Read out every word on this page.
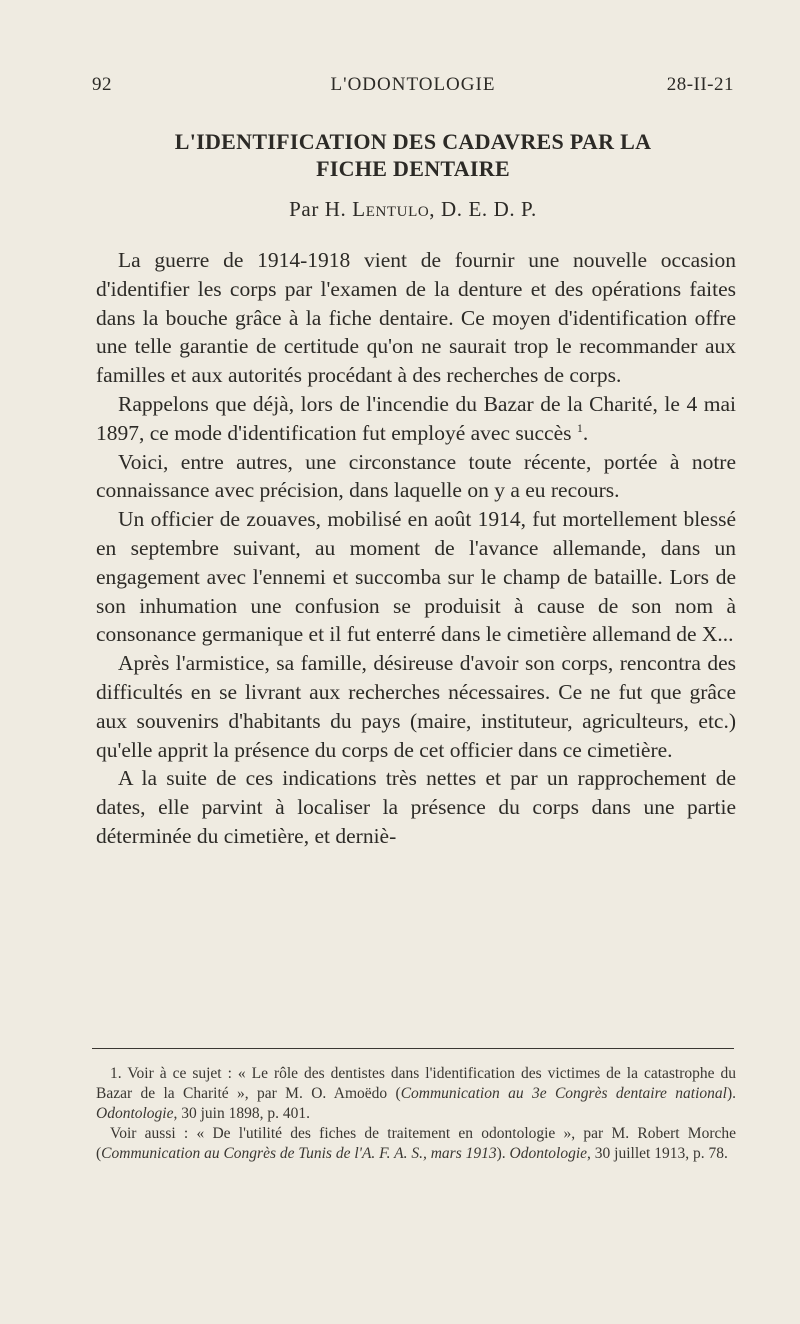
92	L'ODONTOLOGIE	28-II-21
L'IDENTIFICATION DES CADAVRES PAR LA
FICHE DENTAIRE
Par H. Lentulo, D. E. D. P.

La guerre de 1914-1918 vient de fournir une nouvelle occasion d'identifier les corps par l'examen de la denture et des opérations faites dans la bouche grâce à la fiche dentaire. Ce moyen d'identification offre une telle garantie de certitude qu'on ne saurait trop le recommander aux familles et aux autorités procédant à des recherches de corps.

Rappelons que déjà, lors de l'incendie du Bazar de la Charité, le 4 mai 1897, ce mode d'identification fut employé avec succès $^1$.

Voici, entre autres, une circonstance toute récente, portée à notre connaissance avec précision, dans laquelle on y a eu recours.

Un officier de zouaves, mobilisé en août 1914, fut mortellement blessé en septembre suivant, au moment de l'avance allemande, dans un engagement avec l'ennemi et succomba sur le champ de bataille. Lors de son inhumation une confusion se produisit à cause de son nom à consonance germanique et il fut enterré dans le cimetière allemand de X...

Après l'armistice, sa famille, désireuse d'avoir son corps, rencontra des difficultés en se livrant aux recherches nécessaires. Ce ne fut que grâce aux souvenirs d'habitants du pays (maire, instituteur, agriculteurs, etc.) qu'elle apprit la présence du corps de cet officier dans ce cimetière.

A la suite de ces indications très nettes et par un rapprochement de dates, elle parvint à localiser la présence du corps dans une partie déterminée du cimetière, et derniè-

1. Voir à ce sujet : « Le rôle des dentistes dans l'identification des victimes de la catastrophe du Bazar de la Charité », par M. O. Amoëdo (Communication au 3e Congrès dentaire national). Odontologie, 30 juin 1898, p. 401.

Voir aussi : « De l'utilité des fiches de traitement en odontologie », par M. Robert Morche (Communication au Congrès de Tunis de l'A. F. A. S., mars 1913). Odontologie, 30 juillet 1913, p. 78.
